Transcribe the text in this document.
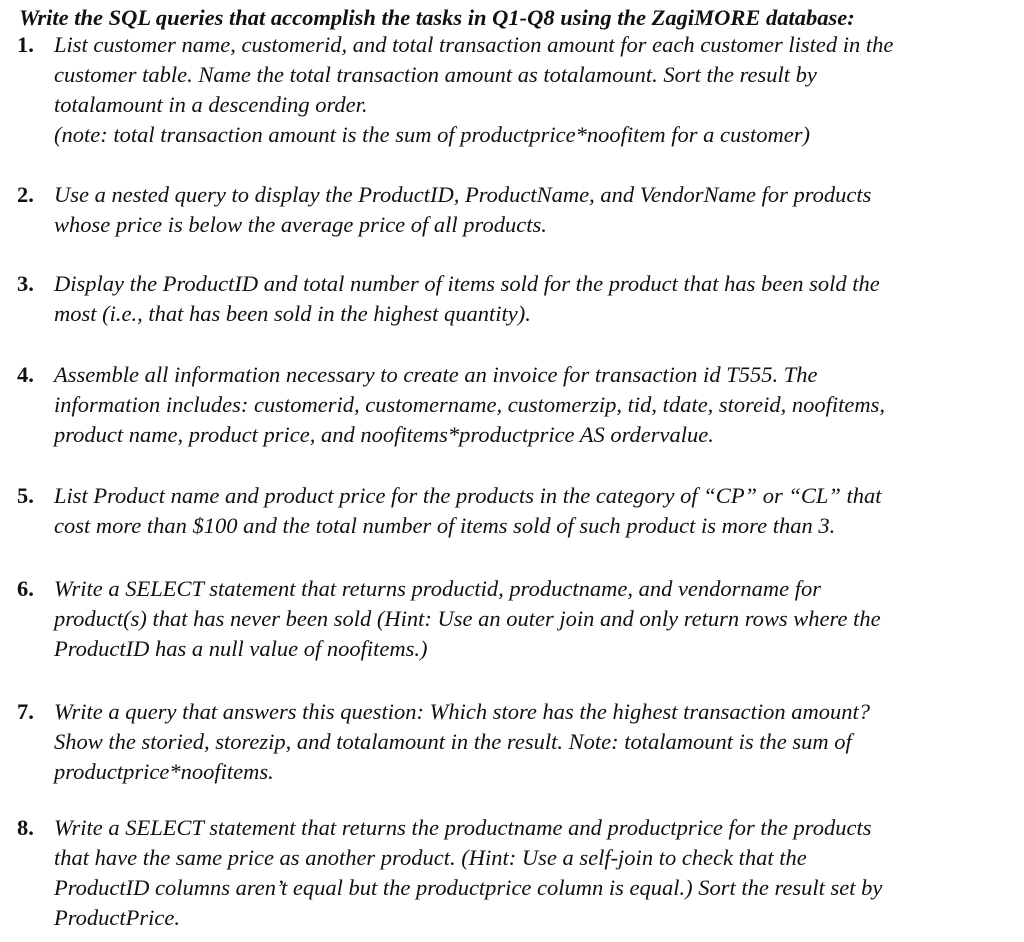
Write the SQL queries that accomplish the tasks in Q1-Q8 using the ZagiMORE database:
1. List customer name, customerid, and total transaction amount for each customer listed in the
customer table. Name the total transaction amount as totalamount. Sort the result by
totalamount in a descending order.
(note: total transaction amount is the sum of productprice*noofitem for a customer)
2. Use a nested query to display the ProductID, ProductName, and VendorName for products
whose price is below the average price of all products.
3. Display the ProductID and total number of items sold for the product that has been sold the
most (i.e., that has been sold in the highest quantity).
4. Assemble all information necessary to create an invoice for transaction id T555. The
information includes: customerid, customername, customerzip, tid, tdate, storeid, noofitems,
product name, product price, and noofitems*productprice AS ordervalue.
5. List Product name and product price for the products in the category of “CP” or “CL” that
cost more than $100 and the total number of items sold of such product is more than 3.
6. Write a SELECT statement that returns productid, productname, and vendorname for
product(s) that has never been sold (Hint: Use an outer join and only return rows where the
ProductID has a null value of noofitems.)
7. Write a query that answers this question: Which store has the highest transaction amount?
Show the storied, storezip, and totalamount in the result. Note: totalamount is the sum of
productprice*noofitems.
8. Write a SELECT statement that returns the productname and productprice for the products
that have the same price as another product. (Hint: Use a self-join to check that the
ProductID columns aren’t equal but the productprice column is equal.) Sort the result set by
ProductPrice.
